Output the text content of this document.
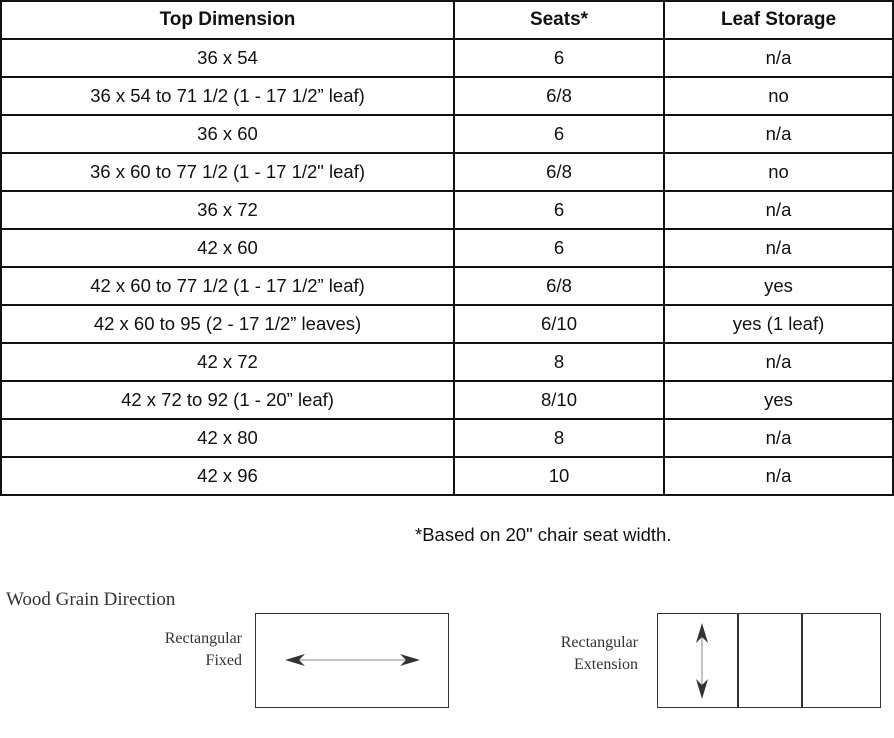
Top Dimension	Seats*	Leaf Storage
36 x 54	6	n/a
36 x 54 to 71 1/2 (1 - 17 1/2” leaf)	6/8	no
36 x 60	6	n/a
36 x 60 to 77 1/2 (1 - 17 1/2" leaf)	6/8	no
36 x 72	6	n/a
42 x 60	6	n/a
42 x 60 to 77 1/2 (1 - 17 1/2” leaf)	6/8	yes
42 x 60 to 95 (2 - 17 1/2” leaves)	6/10	yes (1 leaf)
42 x 72	8	n/a
42 x 72 to 92 (1 - 20” leaf)	8/10	yes
42 x 80	8	n/a
42 x 96	10	n/a
*Based on 20" chair seat width.
Wood Grain Direction
Rectangular
Fixed
Rectangular
Extension
